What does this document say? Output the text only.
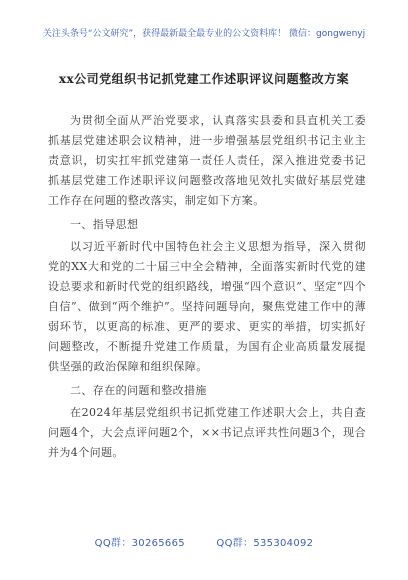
关注头条号“公文研究”，获得最新最全最专业的公文资料库！ 微信：gongwenyj
xx公司党组织书记抓党建工作述职评议问题整改方案

为贯彻全面从严治党要求，认真落实县委和县直机关工委抓基层党建述职会议精神，进一步增强基层党组织书记主业主责意识，切实扛牢抓党建第一责任人责任，深入推进党委书记抓基层党建工作述职评议问题整改落地见效扎实做好基层党建工作存在问题的整改落实，制定如下方案。

一、指导思想

以习近平新时代中国特色社会主义思想为指导，深入贯彻党的XX大和党的二十届三中全会精神，全面落实新时代党的建设总要求和新时代党的组织路线，增强“四个意识”、坚定“四个自信”、做到“两个维护”。坚持问题导向，聚焦党建工作中的薄弱环节，以更高的标准、更严的要求、更实的举措，切实抓好问题整改，不断提升党建工作质量，为国有企业高质量发展提供坚强的政治保障和组织保障。

二、存在的问题和整改措施

在2024年基层党组织书记抓党建工作述职大会上，共自查问题4个，大会点评问题2个，××书记点评共性问题3个，现合并为4个问题。

QQ群：30265665	QQ群：535304092
